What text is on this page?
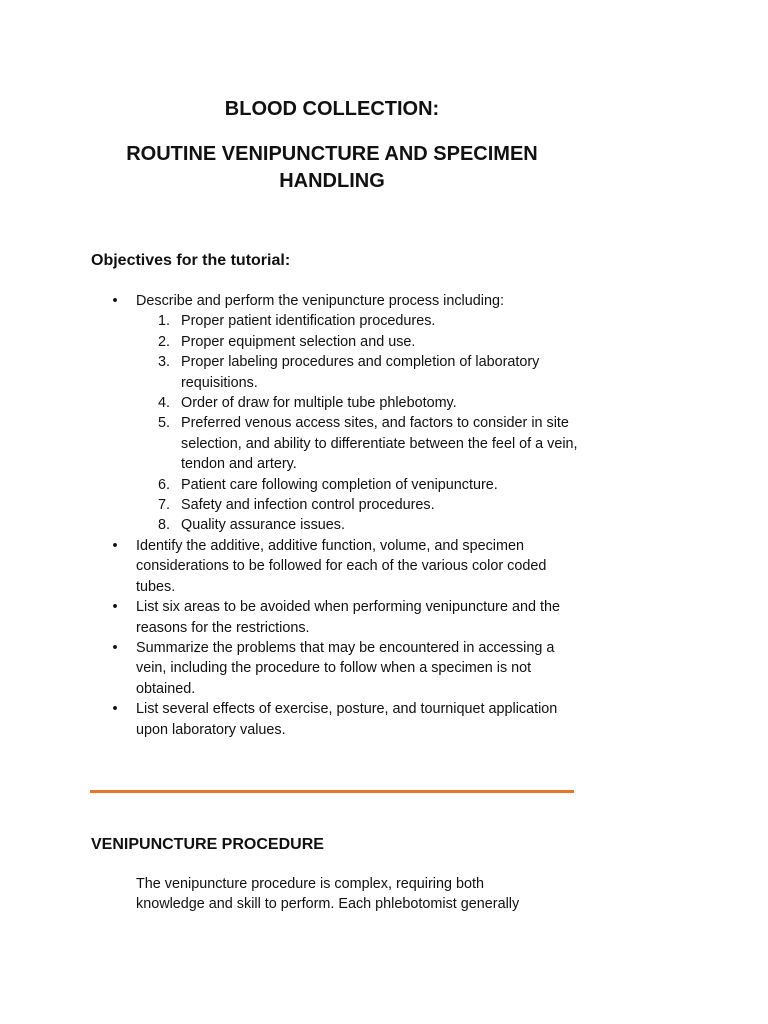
BLOOD COLLECTION:
ROUTINE VENIPUNCTURE AND SPECIMEN HANDLING
Objectives for the tutorial:
• Describe and perform the venipuncture process including:
1. Proper patient identification procedures.
2. Proper equipment selection and use.
3. Proper labeling procedures and completion of laboratory requisitions.
4. Order of draw for multiple tube phlebotomy.
5. Preferred venous access sites, and factors to consider in site selection, and ability to differentiate between the feel of a vein, tendon and artery.
6. Patient care following completion of venipuncture.
7. Safety and infection control procedures.
8. Quality assurance issues.
• Identify the additive, additive function, volume, and specimen considerations to be followed for each of the various color coded tubes.
• List six areas to be avoided when performing venipuncture and the reasons for the restrictions.
• Summarize the problems that may be encountered in accessing a vein, including the procedure to follow when a specimen is not obtained.
• List several effects of exercise, posture, and tourniquet application upon laboratory values.
VENIPUNCTURE PROCEDURE

The venipuncture procedure is complex, requiring both knowledge and skill to perform. Each phlebotomist generally
